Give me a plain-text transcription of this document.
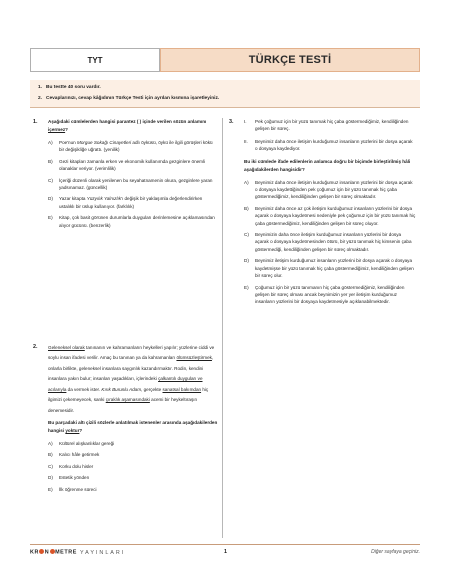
TYT	TÜRKÇE TESTİ
1. Bu testte 40 soru vardır.
2. Cevaplarınızı, cevap kâğıdının Türkçe Testi için ayrılan kısmına işaretleyiniz.
1. Aşağıdaki cümlelerden hangisi parantez ( ) içinde verilen sözün anlamını içermez?
A) Poe'nun Morgue Sokağı Cinayetleri adlı öyküsü, öykü ile ilgili görüşleri kökü bir değişikliğe uğrattı. (yenilik)
B) Gezi kitapları zamanla erken ve ekonomik kullanımda gezginlere önemli olanaklar veriyor. (verimlilik)
C) İçeriği düzenli olarak yenilenen bu seyahatnamenin okura, gezginlere yaran yadsınamaz. (güncellik)
D) Yazar kitapta Yüzyılık Yalnızlık'ı değişik bir yaklaşımla değerlendirirken ustalıklı bir üslup kullanıyor. (farklılık)
E) Kitap, çok basit görünen durumlarla duyguları derinlemesine açıklamasından alıyor gücünü. (benzerlik)
2. Geleneksel olarak tanınanın ve kahramanların heykelleri yapılır; yüzlerine ciddi ve soylu insan ifadesi verilir. Amaç bu tanınan ya da kahramanları ölümsüzleştirmek, onlarla birlikte, geleneksel insanlara saygınlık kazandırmaktır. Rodin, kendini insanlara yakın bulur; insanları yaşadıkları, içlerindeki çalkantılı duyguları ve acılarıyla da vermek ister. Kırık Burunlu Adam, gerçekte sanatsal bakımdan hiç ilgimizi çekemeyecek, sanki çıraklık aşamasındaki acemi bir heykeltıraşın denemesidir.
Bu parçadaki altı çizili sözlerle anlatılmak istenenler arasında aşağıdakilerden hangisi yoktur?
A) Kültürel alışkanlıklar gereği
B) Kalıcı hâle getirmek
C) Korku dolu hisler
D) Estetik yönden
E) İlk öğrenme süreci
3. I. Pek çoğumuz için bir yüzü tanımak hiç çaba göstermediğimiz, kendiliğinden gelişen bir süreç.
II. Beynimiz daha önce iletişim kurduğumuz insanların yüzlerini bir dosya açarak o dosyaya kaydediyor.
Bu iki cümlede ifade edilenlerin anlamca doğru bir biçimde birleştirilmiş hâli aşağıdakilerden hangisidir?
A) Beynimiz daha önce iletişim kurduğumuz insanların yüzlerini bir dosya açarak o dosyaya kaydettiğinden pek çoğumuz için bir yüzü tanımak hiç çaba göstermediğimiz, kendiliğinden gelişen bir süreç olmaktadır.
B) Beynimiz daha önce az çok iletişim kurduğumuz insanların yüzlerini bir dosya açarak o dosyaya kaydetmesi nedeniyle pek çoğumuz için bir yüzü tanımak hiç çaba göstermediğimiz, kendiliğinden gelişen bir süreç oluyor.
C) Beynimizin daha önce iletişim kurduğumuz insanların yüzlerini bir dosya açarak o dosyaya kaydetmesinden ötürü, bir yüzü tanımak hiç kimsenin çaba göstermediği, kendiliğinden gelişen bir süreç olmaktadır.
D) Beynimiz iletişim kurduğumuz insanların yüzlerini bir dosya açarak o dosyaya kaydetmişse bir yüzü tanımak hiç çaba göstermediğimiz, kendiliğinden gelişen bir süreç olur.
E) Çoğumuz için bir yüzü tanımanın hiç çaba göstermediğimiz, kendiliğinden gelişen bir süreç olması ancak beynimizin yer yer iletişim kurduğumuz insanların yüzlerini bir dosyaya kaydetmesiyle açıklanabilmektedir.
KR N METRE YAYINLARI	1	Diğer sayfaya geçiniz.
